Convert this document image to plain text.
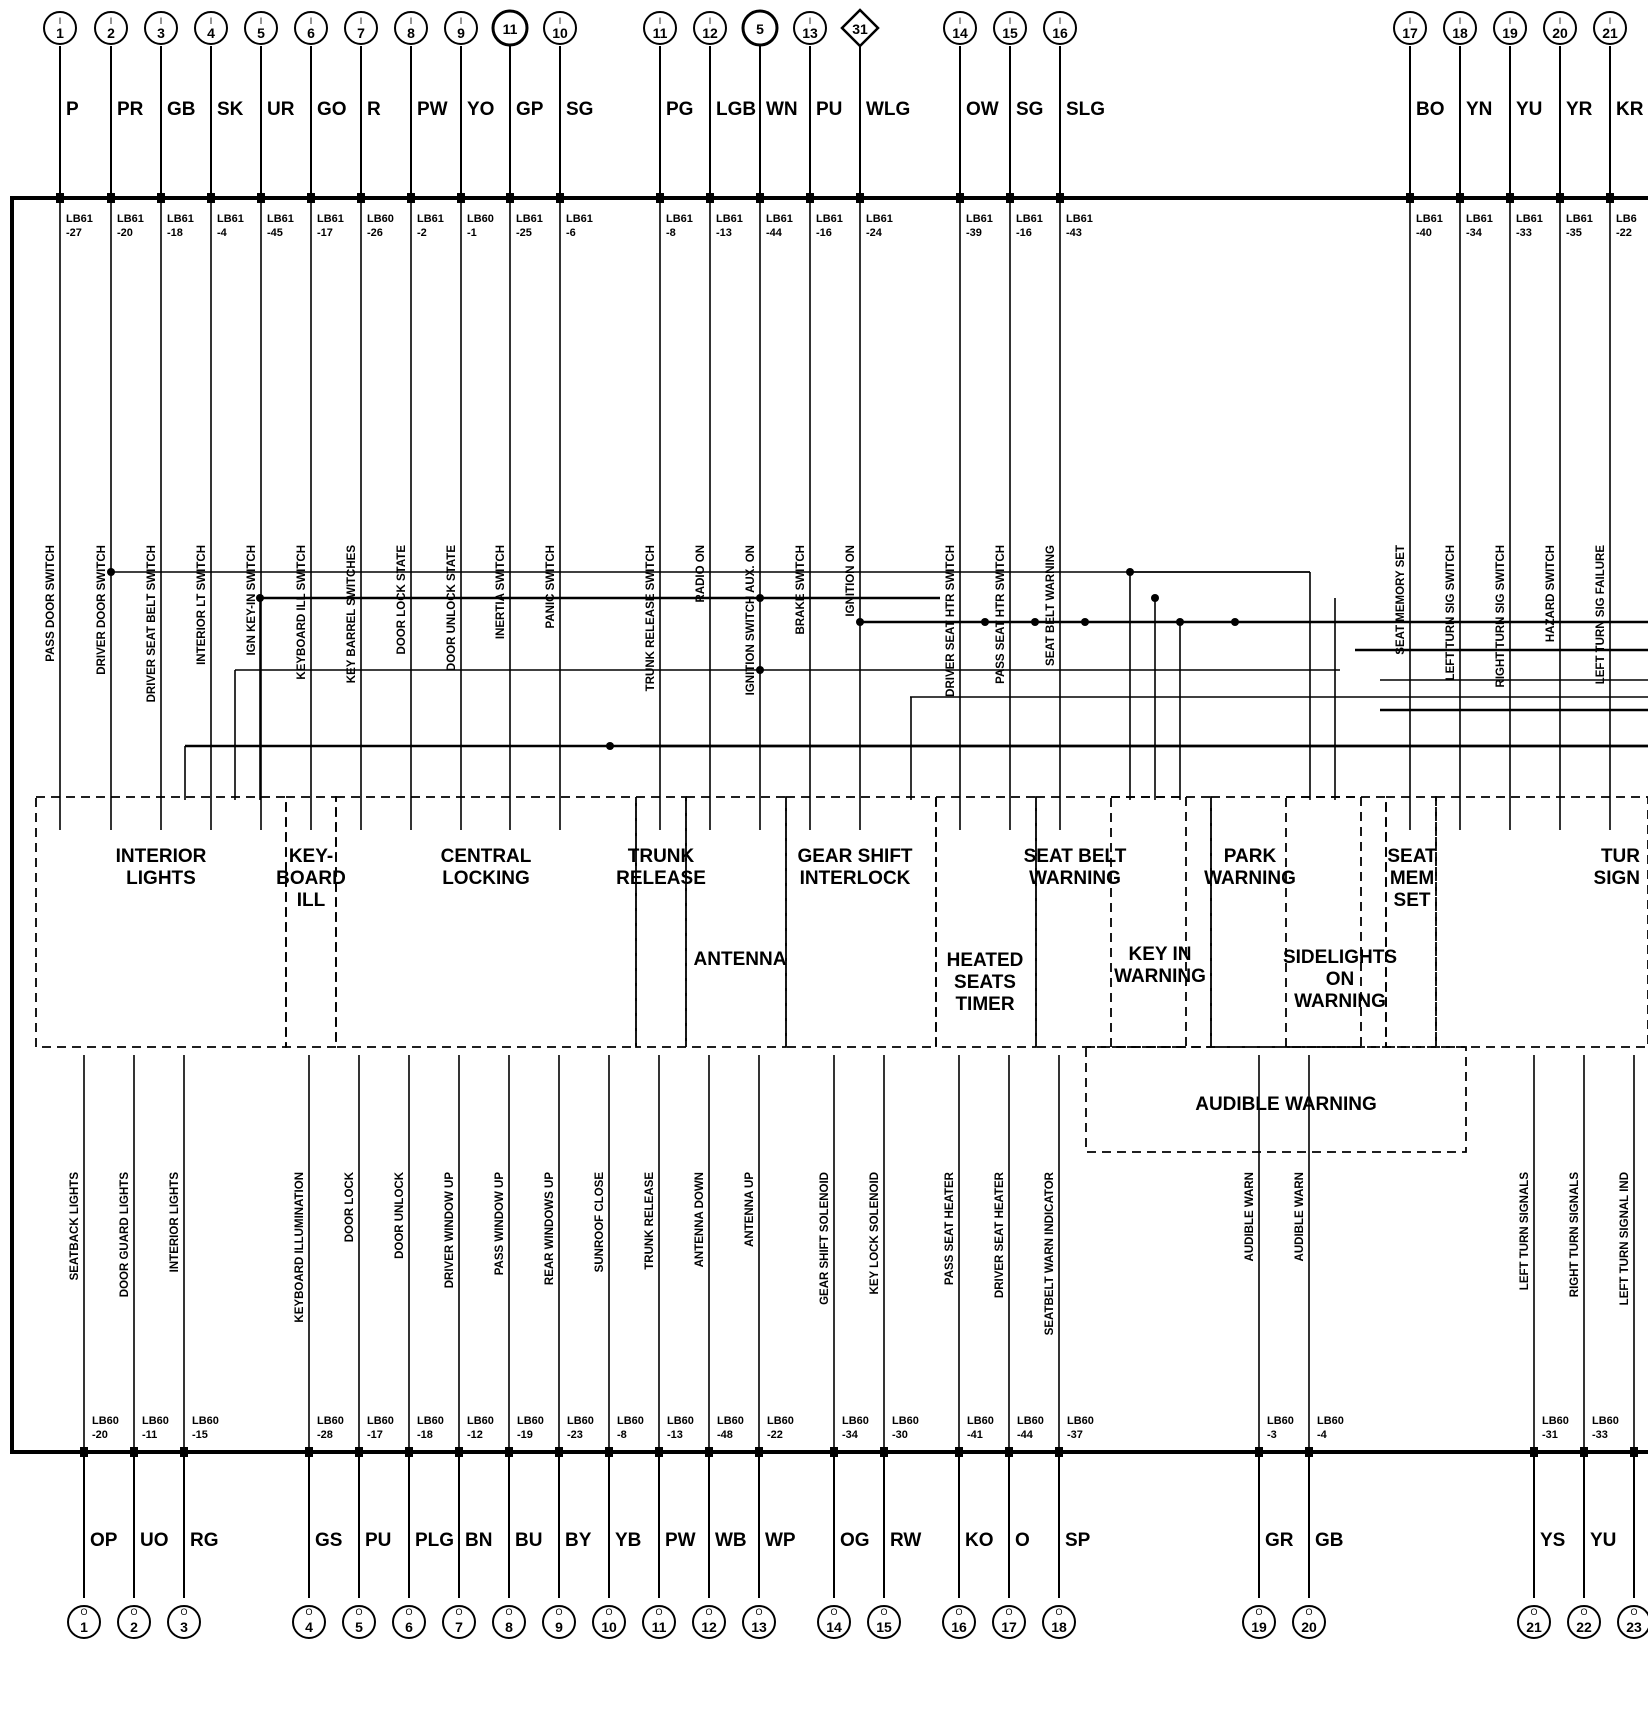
INTERIOR
LIGHTS
KEY-
BOARD
ILL
CENTRAL
LOCKING
TRUNK
RELEASE
ANTENNA
GEAR SHIFT
INTERLOCK
HEATED
SEATS
TIMER
SEAT BELT
WARNING
KEY IN
WARNING
PARK
WARNING
SIDELIGHTS
ON
WARNING
SEAT
MEM
SET
TUR
SIGN
AUDIBLE WARNING
I
1
P
LB61
-27
PASS DOOR SWITCH
I
2
PR
LB61
-20
DRIVER DOOR SWITCH
I
3
GB
LB61
-18
DRIVER SEAT BELT SWITCH
I
4
SK
LB61
-4
INTERIOR LT SWITCH
I
5
UR
LB61
-45
IGN KEY-IN SWITCH
I
6
GO
LB61
-17
KEYBOARD ILL SWITCH
I
7
R
LB60
-26
KEY BARREL SWITCHES
I
8
PW
LB61
-2
DOOR LOCK STATE
I
9
YO
LB60
-1
DOOR UNLOCK STATE
11
GP
LB61
-25
INERTIA SWITCH
I
10
SG
LB61
-6
PANIC SWITCH
I
11
PG
LB61
-8
TRUNK RELEASE SWITCH
I
12
LGB
LB61
-13
RADIO ON
5
WN
LB61
-44
IGNITION SWITCH AUX. ON
I
13
PU
LB61
-16
BRAKE SWITCH
31
WLG
LB61
-24
IGNITION ON
I
14
OW
LB61
-39
DRIVER SEAT HTR SWITCH
I
15
SG
LB61
-16
PASS SEAT HTR SWITCH
I
16
SLG
LB61
-43
SEAT BELT WARNING
I
17
BO
LB61
-40
SEAT MEMORY SET
I
18
YN
LB61
-34
LEFT TURN SIG SWITCH
I
19
YU
LB61
-33
RIGHT TURN SIG SWITCH
I
20
YR
LB61
-35
HAZARD SWITCH
I
21
KR
LB6
-22
LEFT TURN SIG FAILURE
LB60
-20
OP
O
1
SEATBACK LIGHTS
LB60
-11
UO
O
2
DOOR GUARD LIGHTS
LB60
-15
RG
O
3
INTERIOR LIGHTS
LB60
-28
GS
O
4
KEYBOARD ILLUMINATION
LB60
-17
PU
O
5
DOOR LOCK
LB60
-18
PLG
O
6
DOOR UNLOCK
LB60
-12
BN
O
7
DRIVER WINDOW UP
LB60
-19
BU
O
8
PASS WINDOW UP
LB60
-23
BY
O
9
REAR WINDOWS UP
LB60
-8
YB
O
10
SUNROOF CLOSE
LB60
-13
PW
O
11
TRUNK RELEASE
LB60
-48
WB
O
12
ANTENNA DOWN
LB60
-22
WP
O
13
ANTENNA UP
LB60
-34
OG
O
14
GEAR SHIFT SOLENOID
LB60
-30
RW
O
15
KEY LOCK SOLENOID
LB60
-41
KO
O
16
PASS SEAT HEATER
LB60
-44
O
O
17
DRIVER SEAT HEATER
LB60
-37
SP
O
18
SEATBELT WARN INDICATOR
LB60
-3
GR
O
19
AUDIBLE WARN
LB60
-4
GB
O
20
AUDIBLE WARN
LB60
-31
YS
O
21
LEFT TURN SIGNALS
LB60
-33
YU
O
22
RIGHT TURN SIGNALS
O
23
LEFT TURN SIGNAL IND
